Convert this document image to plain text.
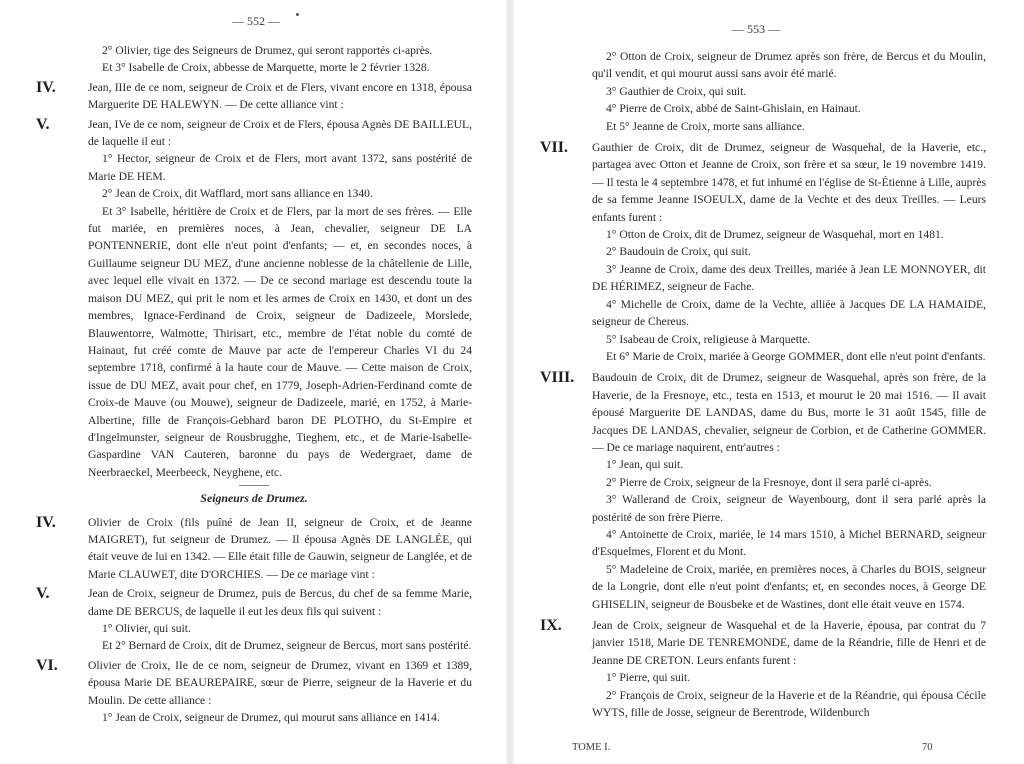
— 552 —
2° Olivier, tige des Seigneurs de Drumez, qui seront rapportés ci-après.
Et 3° Isabelle de Croix, abbesse de Marquette, morte le 2 février 1328.
IV.	Jean, IIIe de ce nom, seigneur de Croix et de Flers, vivant encore en 1318, épousa Marguerite DE HALEWYN. — De cette alliance vint :
V.	Jean, IVe de ce nom, seigneur de Croix et de Flers, épousa Agnès DE BAILLEUL, de laquelle il eut :
1° Hector, seigneur de Croix et de Flers, mort avant 1372, sans postérité de Marie DE HEM.
2° Jean de Croix, dit Wafflard, mort sans alliance en 1340.
Et 3° Isabelle, héritière de Croix et de Flers, par la mort de ses frères. — Elle fut mariée, en premières noces, à Jean, chevalier, seigneur DE LA PONTENNERIE, dont elle n'eut point d'enfants; — et, en secondes noces, à Guillaume seigneur DU MEZ, d'une ancienne noblesse de la châtellenie de Lille, avec lequel elle vivait en 1372. — De ce second mariage est descendu toute la maison DU MEZ, qui prit le nom et les armes de Croix en 1430, et dont un des membres, Ignace-Ferdinand de Croix, seigneur de Dadizeele, Morslede, Blauwentorre, Walmotte, Thirisart, etc., membre de l'état noble du comté de Hainaut, fut créé comte de Mauve par acte de l'empereur Charles VI du 24 septembre 1718, confirmé à la haute cour de Mauve. — Cette maison de Croix, issue de DU MEZ, avait pour chef, en 1779, Joseph-Adrien-Ferdinand comte de Croix-de Mauve (ou Mouwe), seigneur de Dadizeele, marié, en 1752, à Marie-Albertine, fille de François-Gebhard baron DE PLOTHO, du St-Empire et d'Ingelmunster, seigneur de Rousbrugghe, Tieghem, etc., et de Marie-Isabelle-Gaspardine VAN Cauteren, baronne du pays de Wedergraet, dame de Neerbraeckel, Meerbeeck, Neyghene, etc.
Seigneurs de Drumez.
IV.	Olivier de Croix (fils puîné de Jean II, seigneur de Croix, et de Jeanne MAIGRET), fut seigneur de Drumez. — Il épousa Agnès DE LANGLÉE, qui était veuve de lui en 1342. — Elle était fille de Gauwin, seigneur de Langlée, et de Marie CLAUWET, dite D'ORCHIES. — De ce mariage vint :
V.	Jean de Croix, seigneur de Drumez, puis de Bercus, du chef de sa femme Marie, dame DE BERCUS, de laquelle il eut les deux fils qui suivent :
1° Olivier, qui suit.
Et 2° Bernard de Croix, dit de Drumez, seigneur de Bercus, mort sans postérité.
VI.	Olivier de Croix, IIe de ce nom, seigneur de Drumez, vivant en 1369 et 1389, épousa Marie DE BEAUREPAIRE, sœur de Pierre, seigneur de la Haverie et du Moulin. De cette alliance :
1° Jean de Croix, seigneur de Drumez, qui mourut sans alliance en 1414.
— 553 —
2° Otton de Croix, seigneur de Drumez après son frère, de Bercus et du Moulin, qu'il vendit, et qui mourut aussi sans avoir été marié.
3° Gauthier de Croix, qui suit.
4° Pierre de Croix, abbé de Saint-Ghislain, en Hainaut.
Et 5° Jeanne de Croix, morte sans alliance.
VII. Gauthier de Croix, dit de Drumez, seigneur de Wasquehal, de la Haverie, etc., partagea avec Otton et Jeanne de Croix, son frère et sa sœur, le 19 novembre 1419. — Il testa le 4 septembre 1478, et fut inhumé en l'église de St-Étienne à Lille, auprès de sa femme Jeanne ISOEULX, dame de la Vechte et des deux Treilles. — Leurs enfants furent :
1° Otton de Croix, dit de Drumez, seigneur de Wasquehal, mort en 1481.
2° Baudouin de Croix, qui suit.
3° Jeanne de Croix, dame des deux Treilles, mariée à Jean LE MONNOYER, dit DE HÉRIMEZ, seigneur de Fache.
4° Michelle de Croix, dame de la Vechte, alliée à Jacques DE LA HAMAIDE, seigneur de Chereus.
5° Isabeau de Croix, religieuse à Marquette.
Et 6° Marie de Croix, mariée à George GOMMER, dont elle n'eut point d'enfants.
VIII. Baudouin de Croix, dit de Drumez, seigneur de Wasquehal, après son frère, de la Haverie, de la Fresnoye, etc., testa en 1513, et mourut le 20 mai 1516. — Il avait épousé Marguerite DE LANDAS, dame du Bus, morte le 31 août 1545, fille de Jacques DE LANDAS, chevalier, seigneur de Corbion, et de Catherine GOMMER. — De ce mariage naquirent, entr'autres :
1° Jean, qui suit.
2° Pierre de Croix, seigneur de la Fresnoye, dont il sera parlé ci-après.
3° Wallerand de Croix, seigneur de Wayenbourg, dont il sera parlé après la postérité de son frère Pierre.
4° Antoinette de Croix, mariée, le 14 mars 1510, à Michel BERNARD, seigneur d'Esquelmes, Florent et du Mont.
5° Madeleine de Croix, mariée, en premières noces, à Charles du BOIS, seigneur de la Longrie, dont elle n'eut point d'enfants; et, en secondes noces, à George DE GHISELIN, seigneur de Bousbeke et de Wastines, dont elle était veuve en 1574.
IX.	Jean de Croix, seigneur de Wasquehal et de la Haverie, épousa, par contrat du 7 janvier 1518, Marie DE TENREMONDE, dame de la Réandrie, fille de Henri et de Jeanne DE CRETON. Leurs enfants furent :
1° Pierre, qui suit.
2° François de Croix, seigneur de la Haverie et de la Réandrie, qui épousa Cécile WYTS, fille de Josse, seigneur de Berentrode, Wildenburch
TOME I.	70
